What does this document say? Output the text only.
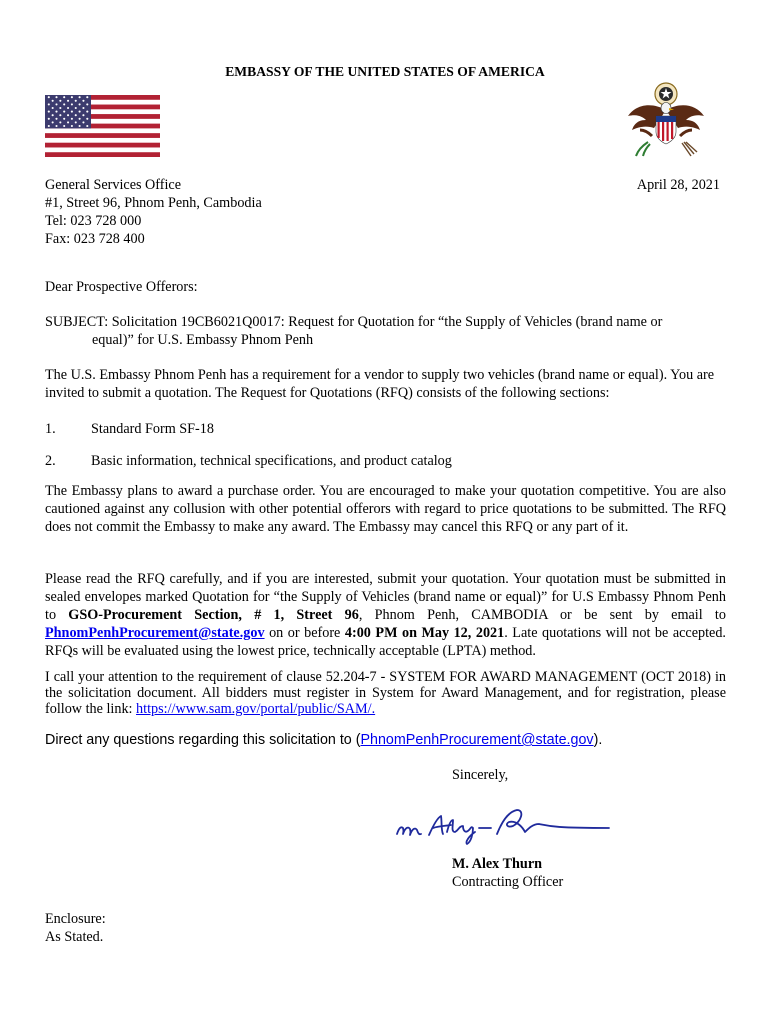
EMBASSY OF THE UNITED STATES OF AMERICA
General Services Office
#1, Street 96, Phnom Penh, Cambodia
Tel: 023 728 000
Fax: 023 728 400
April 28, 2021
Dear Prospective Offerors:
SUBJECT: Solicitation 19CB6021Q0017: Request for Quotation for “the Supply of Vehicles (brand name or
equal)” for U.S. Embassy Phnom Penh

The U.S. Embassy Phnom Penh has a requirement for a vendor to supply two vehicles (brand name or equal). You are invited to submit a quotation. The Request for Quotations (RFQ) consists of the following sections:

1. Standard Form SF-18
2. Basic information, technical specifications, and product catalog

The Embassy plans to award a purchase order. You are encouraged to make your quotation competitive. You are also cautioned against any collusion with other potential offerors with regard to price quotations to be submitted. The RFQ does not commit the Embassy to make any award. The Embassy may cancel this RFQ or any part of it.

Please read the RFQ carefully, and if you are interested, submit your quotation. Your quotation must be submitted in sealed envelopes marked Quotation for “the Supply of Vehicles (brand name or equal)” for U.S Embassy Phnom Penh to GSO-Procurement Section, # 1, Street 96, Phnom Penh, CAMBODIA or be sent by email to PhnomPenhProcurement@state.gov on or before 4:00 PM on May 12, 2021. Late quotations will not be accepted. RFQs will be evaluated using the lowest price, technically acceptable (LPTA) method.

I call your attention to the requirement of clause 52.204-7 - SYSTEM FOR AWARD MANAGEMENT (OCT 2018) in the solicitation document. All bidders must register in System for Award Management, and for registration, please follow the link: https://www.sam.gov/portal/public/SAM/.

Direct any questions regarding this solicitation to (PhnomPenhProcurement@state.gov).

Sincerely,
M. Alex Thurn
Contracting Officer
Enclosure:
As Stated.
